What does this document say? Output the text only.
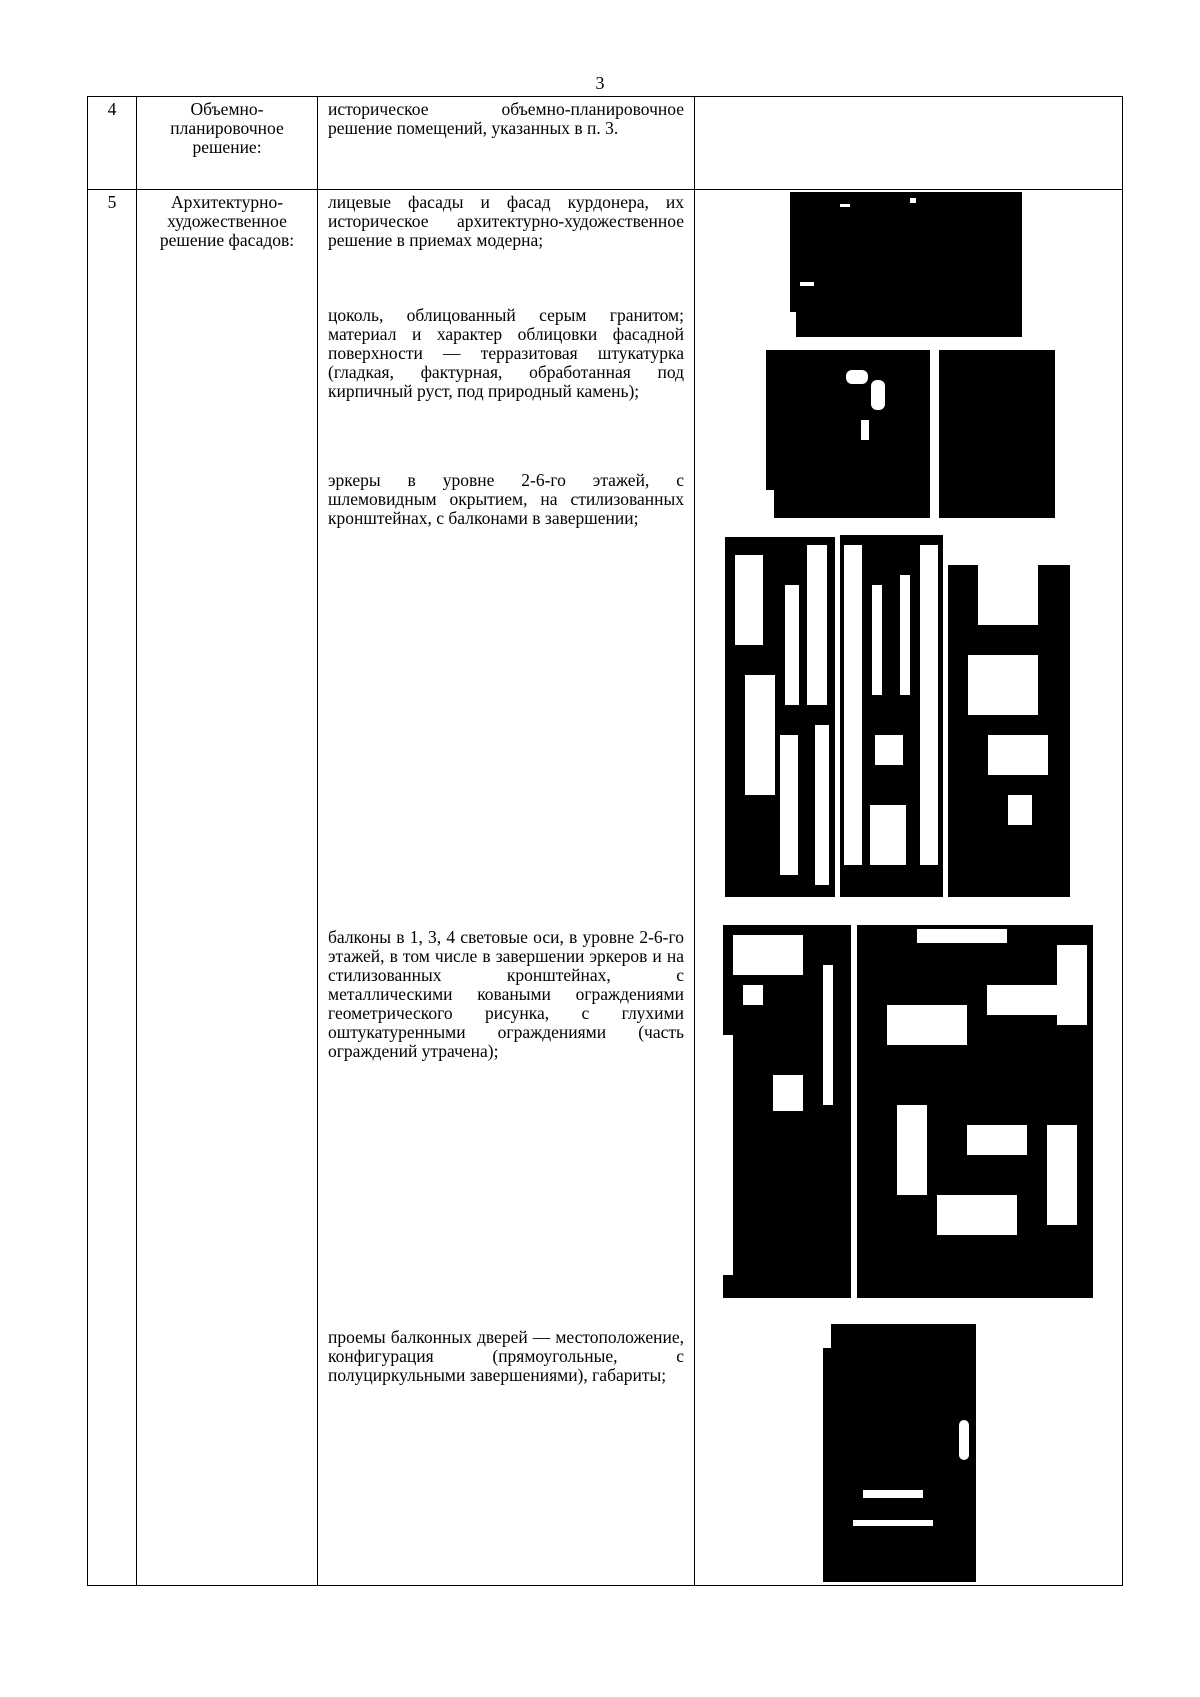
3
4	Объемно-планировочное решение:	историческое объемно-планировочное решение помещений, указанных в п. 3.	

5	Архитектурно-художественное решение фасадов:	лицевые фасады и фасад курдонера, их историческое архитектурно-художественное решение в приемах модерна;

цоколь, облицованный серым гранитом; материал и характер облицовки фасадной поверхности — терразитовая штукатурка (гладкая, фактурная, обработанная под кирпичный руст, под природный камень);

эркеры в уровне 2-6-го этажей, с шлемовидным окрытием, на стилизованных кронштейнах, с балконами в завершении;

балконы в 1, 3, 4 световые оси, в уровне 2-6-го этажей, в том числе в завершении эркеров и на стилизованных кронштейнах, с металлическими коваными ограждениями геометрического рисунка, с глухими оштукатуренными ограждениями (часть ограждений утрачена);

проемы балконных дверей — местоположение, конфигурация (прямоугольные, с полуциркульными завершениями), габариты;	
